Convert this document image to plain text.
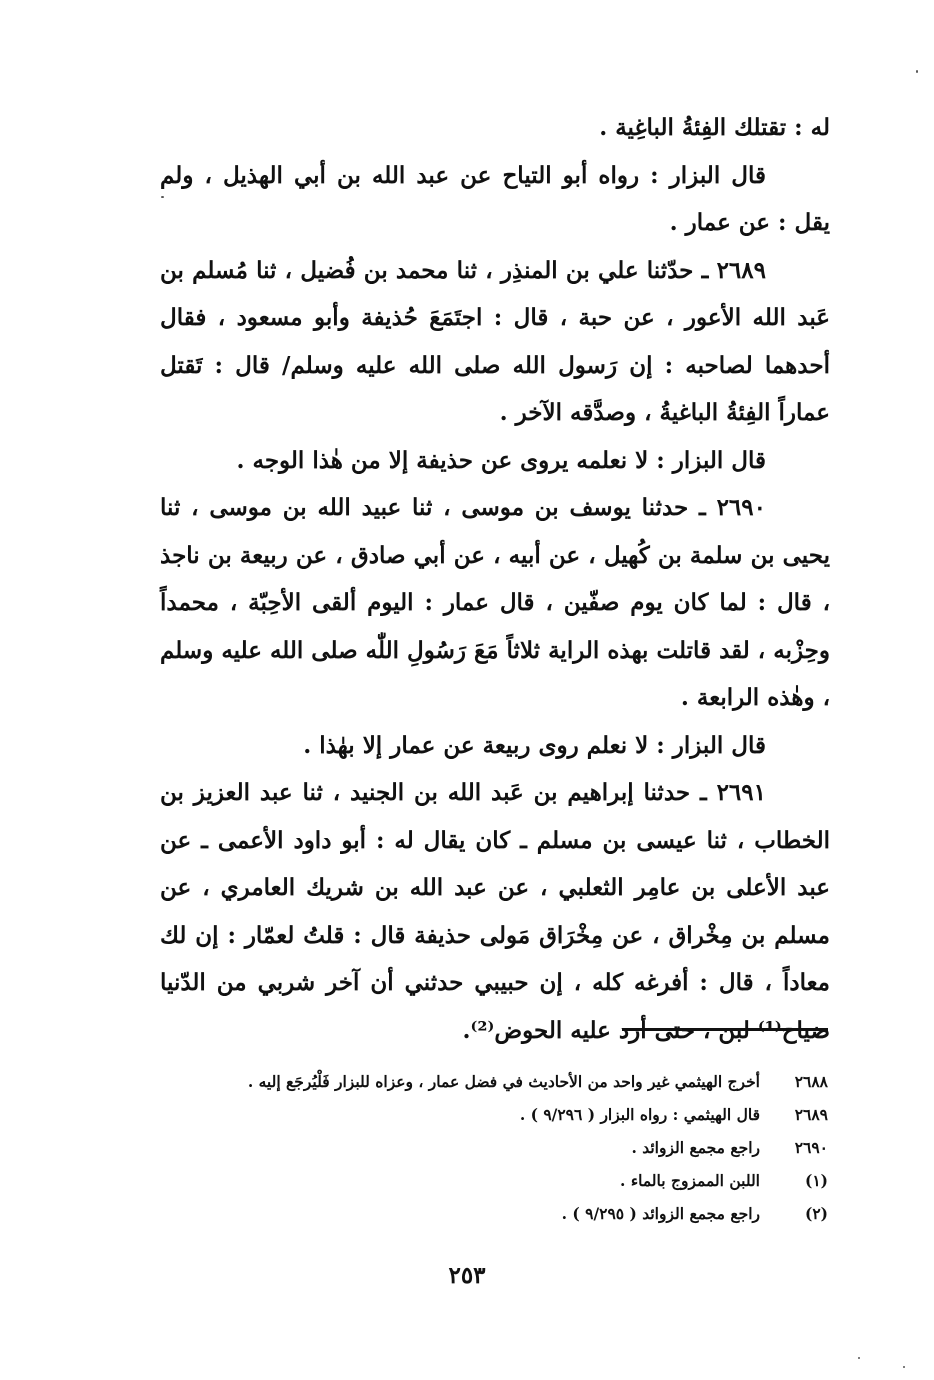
له : تقتلك الفِئةُ الباغِية .

قال البزار : رواه أبو التياح عن عبد الله بن أبي الهذيل ، ولم يقل : عن عمار .

٢٦٨٩ ـ حدّثنا علي بن المنذِر ، ثنا محمد بن فُضيل ، ثنا مُسلم بن عَبد الله الأعور ، عن حبة ، قال : اجتَمَعَ حُذيفة وأبو مسعود ، فقال أحدهما لصاحبه : إن رَسول الله صلى الله عليه وسلم/ قال : تَقتل عماراً الفِئةُ الباغيةُ ، وصدَّقه الآخر .

قال البزار : لا نعلمه يروى عن حذيفة إلا من هٰذا الوجه .

٢٦٩٠ ـ حدثنا يوسف بن موسى ، ثنا عبيد الله بن موسى ، ثنا يحيى بن سلمة بن كُهيل ، عن أبيه ، عن أبي صادق ، عن ربيعة بن ناجذ ، قال : لما كان يوم صفّين ، قال عمار : اليوم ألقى الأحِبّة ، محمداً وحِزْبه ، لقد قاتلت بهذه الراية ثلاثاً مَعَ رَسُولِ اللّٰه صلى الله عليه وسلم ، وهٰذه الرابعة .

قال البزار : لا نعلم روى ربيعة عن عمار إلا بهٰذا .

٢٦٩١ ـ حدثنا إبراهيم بن عَبد الله بن الجنيد ، ثنا عبد العزيز بن الخطاب ، ثنا عيسى بن مسلم ـ كان يقال له : أبو داود الأعمى ـ عن عبد الأعلى بن عامِر الثعلبي ، عن عبد الله بن شريك العامري ، عن مسلم بن مِخْراق ، عن مِخْرَاق مَولى حذيفة قال : قلتُ لعمّار : إن لك معاداً ، قال : أفرغه كله ، إن حبيبي حدثني أن آخر شربي من الدّنيا ضياح⁽¹⁾ لبن ، حتى أرد عليه الحوض⁽²⁾.

٢٦٨٨
أخرج الهيثمي غير واحد من الأحاديث في فضل عمار ، وعزاه للبزار فَلْيُرجَع إليه .
٢٦٨٩
قال الهيثمي : رواه البزار ( ٩/٢٩٦ ) .
٢٦٩٠
راجع مجمع الزوائد .
(١)
اللبن الممزوج بالماء .
(٢)
راجع مجمع الزوائد ( ٩/٢٩٥ ) .
٢٥٣
